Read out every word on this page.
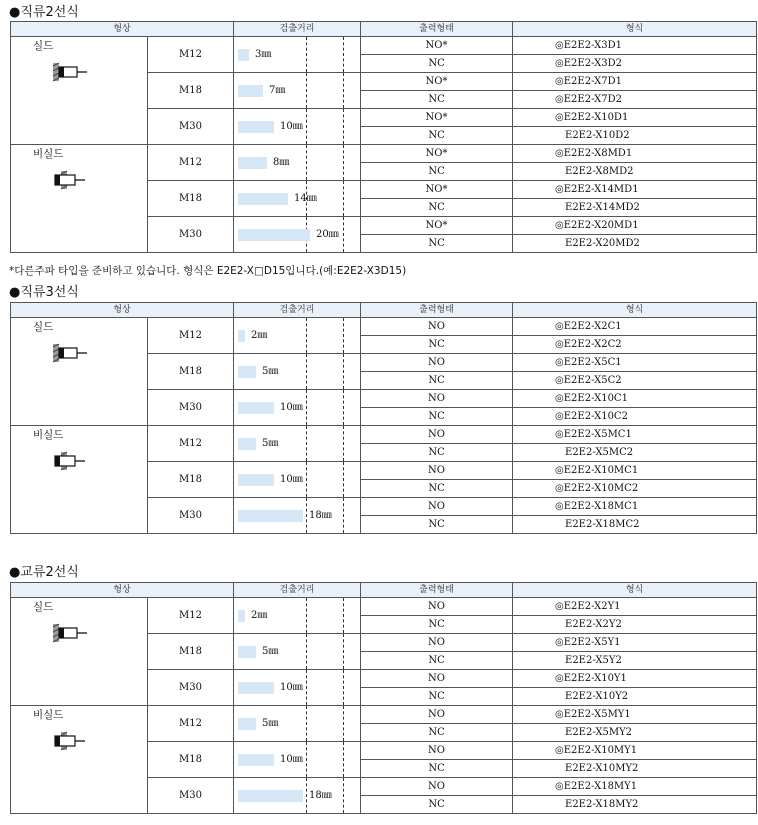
●직류2선식
형상		검출거리	출력형태	형식

실드	M12	3㎜	NO*	◎E2E2-X3D1
			NC	◎E2E2-X3D2
	M18	7㎜	NO*	◎E2E2-X7D1
			NC	◎E2E2-X7D2
	M30	10㎜	NO*	◎E2E2-X10D1
			NC	E2E2-X10D2

비실드	M12	8㎜	NO*	◎E2E2-X8MD1
			NC	E2E2-X8MD2
	M18	14㎜	NO*	◎E2E2-X14MD1
			NC	E2E2-X14MD2
	M30	20㎜	NO*	◎E2E2-X20MD1
			NC	E2E2-X20MD2
*다른주파 타입을 준비하고 있습니다. 형식은 E2E2-X□D15입니다.(예:E2E2-X3D15)
●직류3선식
형상		검출거리	출력형태	형식

실드	M12	2㎜	NO	◎E2E2-X2C1
			NC	◎E2E2-X2C2
	M18	5㎜	NO	◎E2E2-X5C1
			NC	◎E2E2-X5C2
	M30	10㎜	NO	◎E2E2-X10C1
			NC	◎E2E2-X10C2

비실드	M12	5㎜	NO	◎E2E2-X5MC1
			NC	E2E2-X5MC2
	M18	10㎜	NO	◎E2E2-X10MC1
			NC	◎E2E2-X10MC2
	M30	18㎜	NO	◎E2E2-X18MC1
			NC	E2E2-X18MC2
●교류2선식
형상		검출거리	출력형태	형식

실드	M12	2㎜	NO	◎E2E2-X2Y1
			NC	E2E2-X2Y2
	M18	5㎜	NO	◎E2E2-X5Y1
			NC	E2E2-X5Y2
	M30	10㎜	NO	◎E2E2-X10Y1
			NC	E2E2-X10Y2

비실드	M12	5㎜	NO	◎E2E2-X5MY1
			NC	E2E2-X5MY2
	M18	10㎜	NO	◎E2E2-X10MY1
			NC	E2E2-X10MY2
	M30	18㎜	NO	◎E2E2-X18MY1
			NC	E2E2-X18MY2
